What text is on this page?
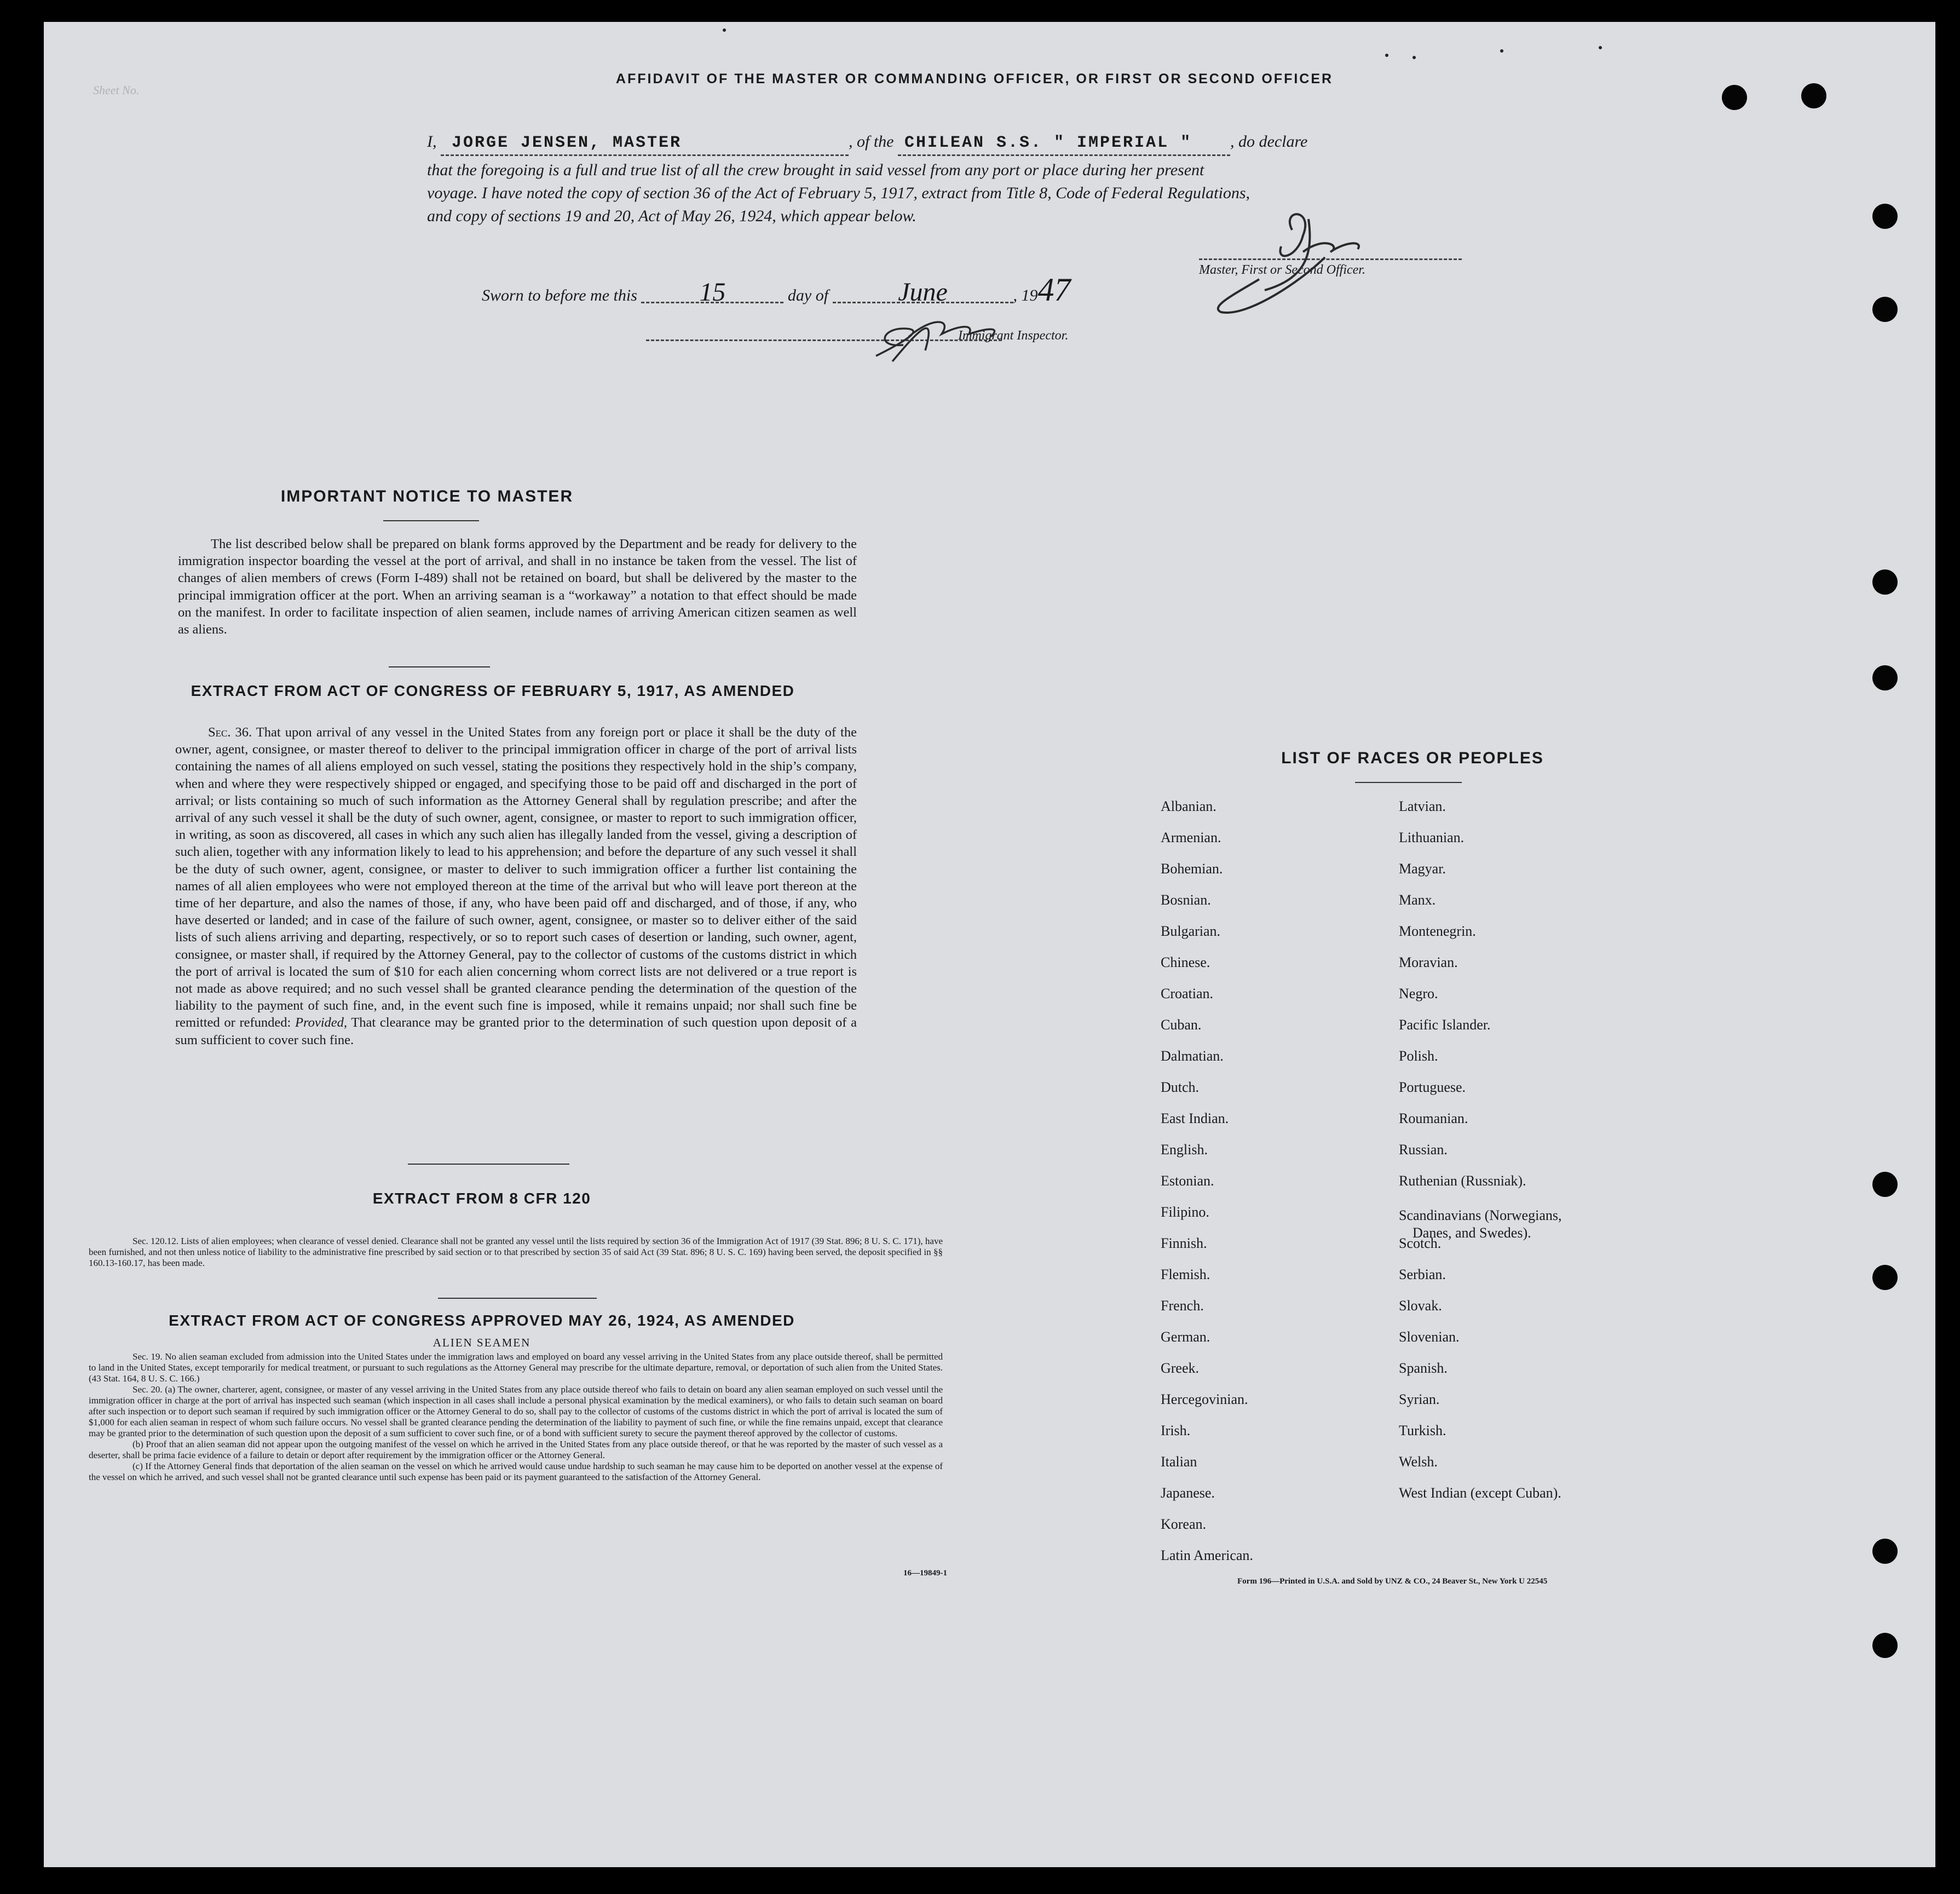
Sheet No.
AFFIDAVIT OF THE MASTER OR COMMANDING OFFICER, OR FIRST OR SECOND OFFICER
I, JORGE JENSEN, MASTER	, of the CHILEAN S.S. " IMPERIAL " , do declare
that the foregoing is a full and true list of all the crew brought in said vessel from any port or place during her present
voyage. I have noted the copy of section 36 of the Act of February 5, 1917, extract from Title 8, Code of Federal Regulations,
and copy of sections 19 and 20, Act of May 26, 1924, which appear below.
Master, First or Second Officer.
Sworn to before me this 15	day of	June	, 1947
Immigrant Inspector.
IMPORTANT NOTICE TO MASTER
The list described below shall be prepared on blank forms approved by the Department and be ready for delivery to the immigration inspector boarding the vessel at the port of arrival, and shall in no instance be taken from the vessel. The list of changes of alien members of crews (Form I-489) shall not be retained on board, but shall be delivered by the master to the principal immigration officer at the port. When an arriving seaman is a “workaway” a notation to that effect should be made on the manifest. In order to facilitate inspection of alien seamen, include names of arriving American citizen seamen as well as aliens.
EXTRACT FROM ACT OF CONGRESS OF FEBRUARY 5, 1917, AS AMENDED
Sec. 36. That upon arrival of any vessel in the United States from any foreign port or place it shall be the duty of the owner, agent, consignee, or master thereof to deliver to the principal immigration officer in charge of the port of arrival lists containing the names of all aliens employed on such vessel, stating the positions they respectively hold in the ship’s company, when and where they were respectively shipped or engaged, and specifying those to be paid off and discharged in the port of arrival; or lists containing so much of such information as the Attorney General shall by regulation prescribe; and after the arrival of any such vessel it shall be the duty of such owner, agent, consignee, or master to report to such immigration officer, in writing, as soon as discovered, all cases in which any such alien has illegally landed from the vessel, giving a description of such alien, together with any information likely to lead to his apprehension; and before the departure of any such vessel it shall be the duty of such owner, agent, consignee, or master to deliver to such immigration officer a further list containing the names of all alien employees who were not employed thereon at the time of the arrival but who will leave port thereon at the time of her departure, and also the names of those, if any, who have been paid off and discharged, and of those, if any, who have deserted or landed; and in case of the failure of such owner, agent, consignee, or master so to deliver either of the said lists of such aliens arriving and departing, respectively, or so to report such cases of desertion or landing, such owner, agent, consignee, or master shall, if required by the Attorney General, pay to the collector of customs of the customs district in which the port of arrival is located the sum of $10 for each alien concerning whom correct lists are not delivered or a true report is not made as above required; and no such vessel shall be granted clearance pending the determination of the question of the liability to the payment of such fine, and, in the event such fine is imposed, while it remains unpaid; nor shall such fine be remitted or refunded: Provided, That clearance may be granted prior to the determination of such question upon deposit of a sum sufficient to cover such fine.
EXTRACT FROM 8 CFR 120
Sec. 120.12. Lists of alien employees; when clearance of vessel denied. Clearance shall not be granted any vessel until the lists required by section 36 of the Immigration Act of 1917 (39 Stat. 896; 8 U. S. C. 171), have been furnished, and not then unless notice of liability to the administrative fine prescribed by said section or to that prescribed by section 35 of said Act (39 Stat. 896; 8 U. S. C. 169) having been served, the deposit specified in §§ 160.13-160.17, has been made.
EXTRACT FROM ACT OF CONGRESS APPROVED MAY 26, 1924, AS AMENDED
ALIEN SEAMEN

Sec. 19. No alien seaman excluded from admission into the United States under the immigration laws and employed on board any vessel arriving in the United States from any place outside thereof, shall be permitted to land in the United States, except temporarily for medical treatment, or pursuant to such regulations as the Attorney General may prescribe for the ultimate departure, removal, or deportation of such alien from the United States. (43 Stat. 164, 8 U. S. C. 166.)

Sec. 20. (a) The owner, charterer, agent, consignee, or master of any vessel arriving in the United States from any place outside thereof who fails to detain on board any alien seaman employed on such vessel until the immigration officer in charge at the port of arrival has inspected such seaman (which inspection in all cases shall include a personal physical examination by the medical examiners), or who fails to detain such seaman on board after such inspection or to deport such seaman if required by such immigration officer or the Attorney General to do so, shall pay to the collector of customs of the customs district in which the port of arrival is located the sum of $1,000 for each alien seaman in respect of whom such failure occurs. No vessel shall be granted clearance pending the determination of the liability to payment of such fine, or while the fine remains unpaid, except that clearance may be granted prior to the determination of such question upon the deposit of a sum sufficient to cover such fine, or of a bond with sufficient surety to secure the payment thereof approved by the collector of customs.

(b) Proof that an alien seaman did not appear upon the outgoing manifest of the vessel on which he arrived in the United States from any place outside thereof, or that he was reported by the master of such vessel as a deserter, shall be prima facie evidence of a failure to detain or deport after requirement by the immigration officer or the Attorney General.

(c) If the Attorney General finds that deportation of the alien seaman on the vessel on which he arrived would cause undue hardship to such seaman he may cause him to be deported on another vessel at the expense of the vessel on which he arrived, and such vessel shall not be granted clearance until such expense has been paid or its payment guaranteed to the satisfaction of the Attorney General.

16—19849-1
LIST OF RACES OR PEOPLES
Albanian.
Armenian.
Bohemian.
Bosnian.
Bulgarian.
Chinese.
Croatian.
Cuban.
Dalmatian.
Dutch.
East Indian.
English.
Estonian.
Filipino.
Finnish.
Flemish.
French.
German.
Greek.
Hercegovinian.
Irish.
Italian
Japanese.
Korean.
Latin American.
Latvian.
Lithuanian.
Magyar.
Manx.
Montenegrin.
Moravian.
Negro.
Pacific Islander.
Polish.
Portuguese.
Roumanian.
Russian.
Ruthenian (Russniak).
Scandinavians (Norwegians,
Danes, and Swedes).
Scotch.
Serbian.
Slovak.
Slovenian.
Spanish.
Syrian.
Turkish.
Welsh.
West Indian (except Cuban).
Form 196—Printed in U.S.A. and Sold by UNZ & CO., 24 Beaver St., New York U 22545
